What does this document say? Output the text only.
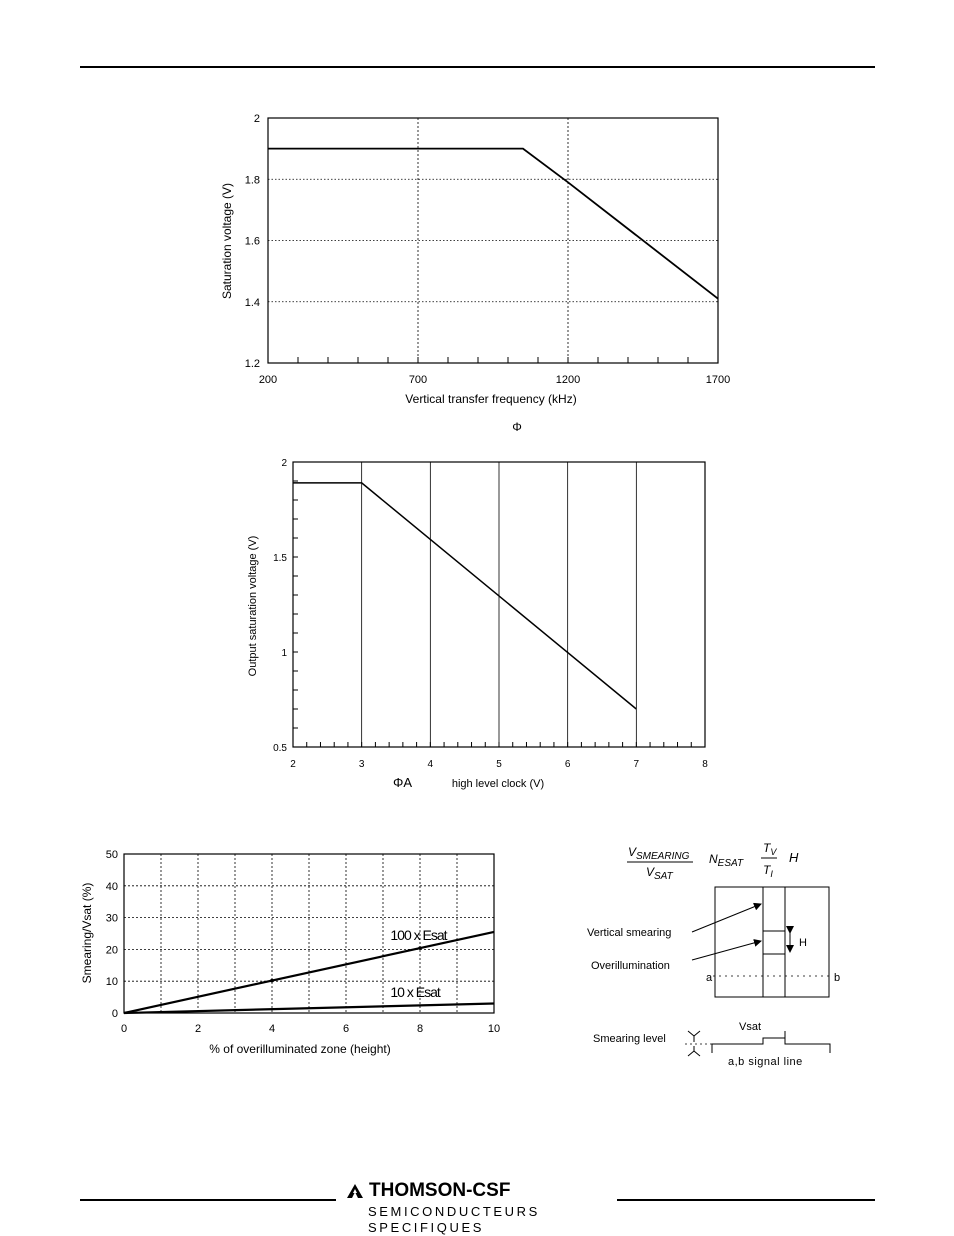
200	700	1200	1700
1.2
1.4
1.6
1.8
2
Vertical transfer frequency (kHz)
Saturation voltage (V)
2	3	4	5	6	7	8
0.5
1
1.5
2
high level clock (V)
Output saturation voltage (V)
Φ
ΦA
0	2	4	6	8	10
0
10
20
30
40
50
% of overilluminated zone (height)
Smearing/Vsat (%)	100 x Esat
10 x Esat
$V_{SMEARING}$
$V_{SAT}$
$N_{ESAT}$
$T_V$
$T_I$
H
H
a	b
Vertical smearing
Overillumination
Vsat
a,b signal line
Smearing level
THOMSON-CSF
SEMICONDUCTEURS SPECIFIQUES
